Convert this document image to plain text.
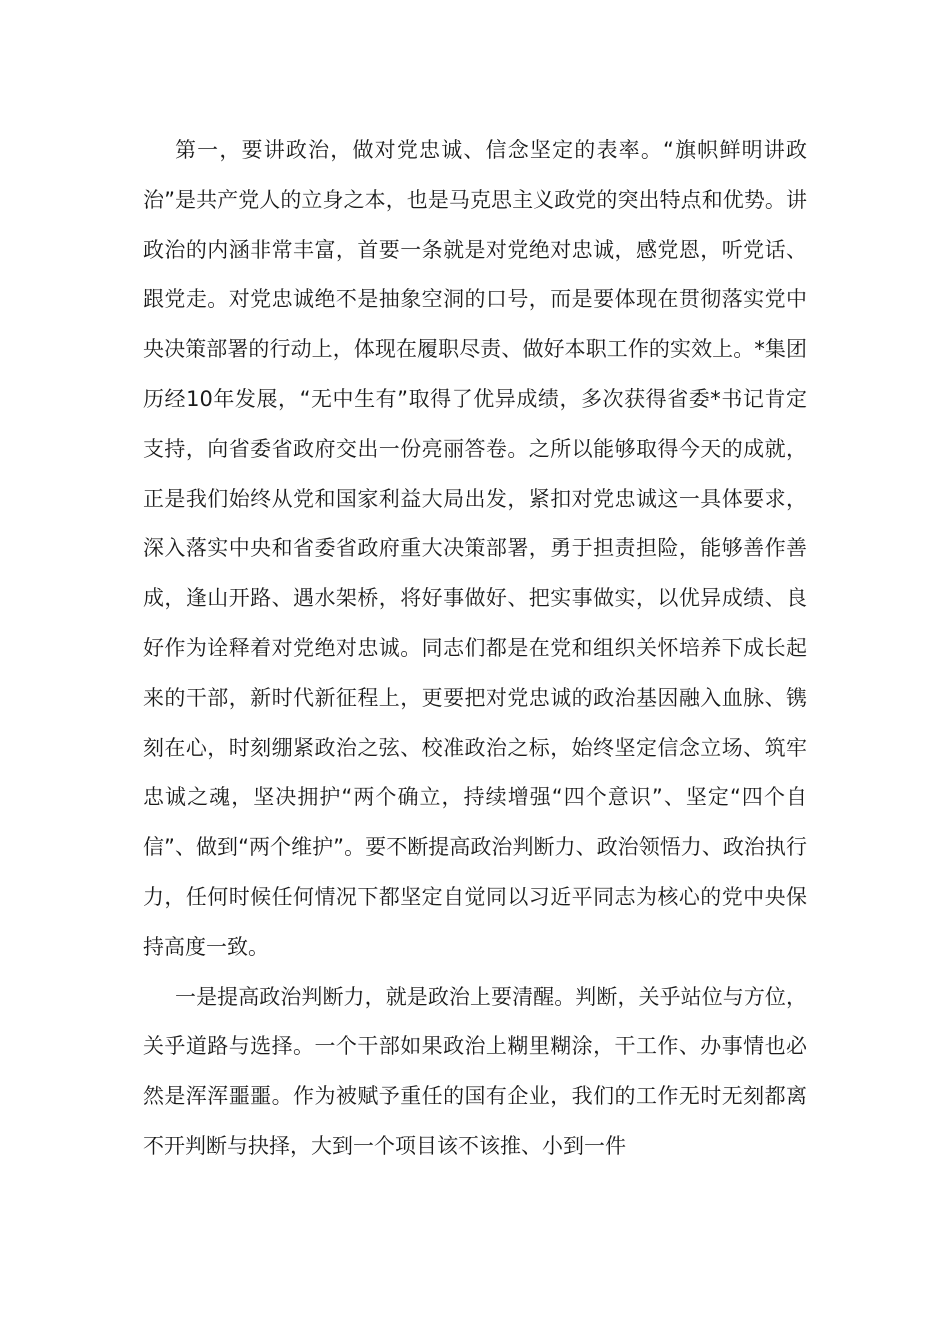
第一，要讲政治，做对党忠诚、信念坚定的表率。“旗帜鲜明讲政治”是共产党人的立身之本，也是马克思主义政党的突出特点和优势。讲政治的内涵非常丰富，首要一条就是对党绝对忠诚，感党恩，听党话、跟党走。对党忠诚绝不是抽象空洞的口号，而是要体现在贯彻落实党中央决策部署的行动上，体现在履职尽责、做好本职工作的实效上。*集团历经10年发展，“无中生有”取得了优异成绩，多次获得省委*书记肯定支持，向省委省政府交出一份亮丽答卷。之所以能够取得今天的成就，正是我们始终从党和国家利益大局出发，紧扣对党忠诚这一具体要求，深入落实中央和省委省政府重大决策部署，勇于担责担险，能够善作善成，逢山开路、遇水架桥，将好事做好、把实事做实，以优异成绩、良好作为诠释着对党绝对忠诚。同志们都是在党和组织关怀培养下成长起来的干部，新时代新征程上，更要把对党忠诚的政治基因融入血脉、镌刻在心，时刻绷紧政治之弦、校准政治之标，始终坚定信念立场、筑牢忠诚之魂，坚决拥护“两个确立，持续增强“四个意识”、坚定“四个自信”、做到“两个维护”。要不断提高政治判断力、政治领悟力、政治执行力，任何时候任何情况下都坚定自觉同以习近平同志为核心的党中央保持高度一致。

一是提高政治判断力，就是政治上要清醒。判断，关乎站位与方位，关乎道路与选择。一个干部如果政治上糊里糊涂，干工作、办事情也必然是浑浑噩噩。作为被赋予重任的国有企业，我们的工作无时无刻都离不开判断与抉择，大到一个项目该不该推、小到一件
